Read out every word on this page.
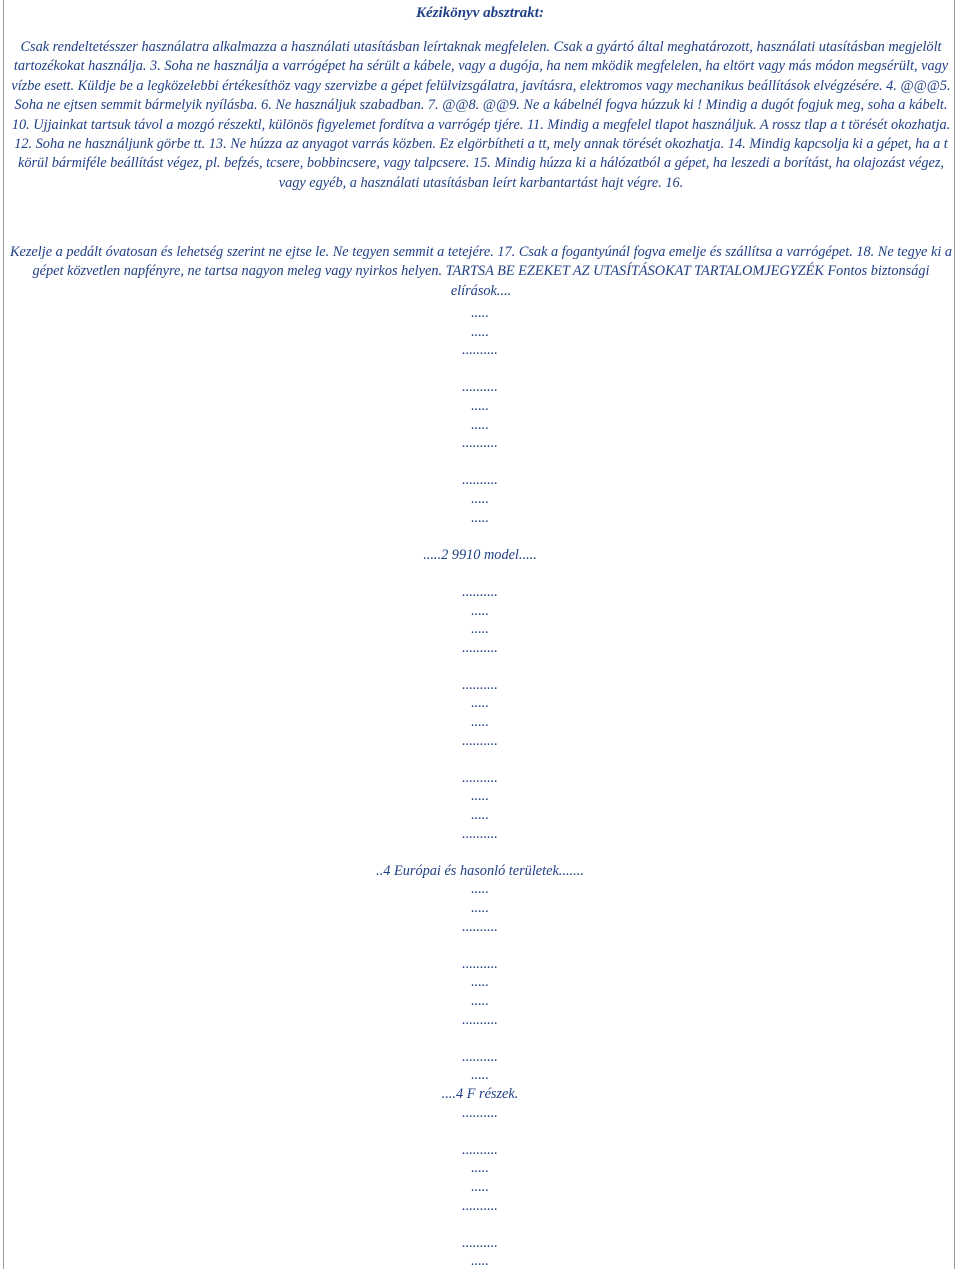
Kézikönyv absztrakt:

Csak rendeltetésszer használatra alkalmazza a használati utasításban leírtaknak megfelelen. Csak a gyártó által meghatározott, használati utasításban megjelölt tartozékokat használja. 3. Soha ne használja a varrógépet ha sérült a kábele, vagy a dugója, ha nem mködik megfelelen, ha eltört vagy más módon megsérült, vagy vízbe esett. Küldje be a legközelebbi értékesíthöz vagy szervizbe a gépet felülvizsgálatra, javításra, elektromos vagy mechanikus beállítások elvégzésére. 4. @@@5. Soha ne ejtsen semmit bármelyik nyílásba. 6. Ne használjuk szabadban. 7. @@8. @@9. Ne a kábelnél fogva húzzuk ki ! Mindig a dugót fogjuk meg, soha a kábelt. 10. Ujjainkat tartsuk távol a mozgó részektl, különös figyelemet fordítva a varrógép tjére. 11. Mindig a megfelel tlapot használjuk. A rossz tlap a t törését okozhatja. 12. Soha ne használjunk görbe tt. 13. Ne húzza az anyagot varrás közben. Ez elgörbítheti a tt, mely annak törését okozhatja. 14. Mindig kapcsolja ki a gépet, ha a t körül bármiféle beállítást végez, pl. befzés, tcsere, bobbincsere, vagy talpcsere. 15. Mindig húzza ki a hálózatból a gépet, ha leszedi a borítást, ha olajozást végez, vagy egyéb, a használati utasításban leírt karbantartást hajt végre. 16.

Kezelje a pedált óvatosan és lehetség szerint ne ejtse le. Ne tegyen semmit a tetejére. 17. Csak a fogantyúnál fogva emelje és szállítsa a varrógépet. 18. Ne tegye ki a gépet közvetlen napfényre, ne tartsa nagyon meleg vagy nyirkos helyen. TARTSA BE EZEKET AZ UTASÍTÁSOKAT TARTALOMJEGYZÉK Fontos biztonsági elírások....

.....
.....
..........
..........
.....
.....
..........
..........
.....
.....
.....2 9910 model.....
..........
.....
.....
..........
..........
.....
.....
..........
..........
.....
.....
..........
..4 Európai és hasonló területek.......
.....
.....
..........
..........
.....
.....
..........
..........
.....
....4 F részek.
..........
..........
.....
.....
..........
..........
.....
